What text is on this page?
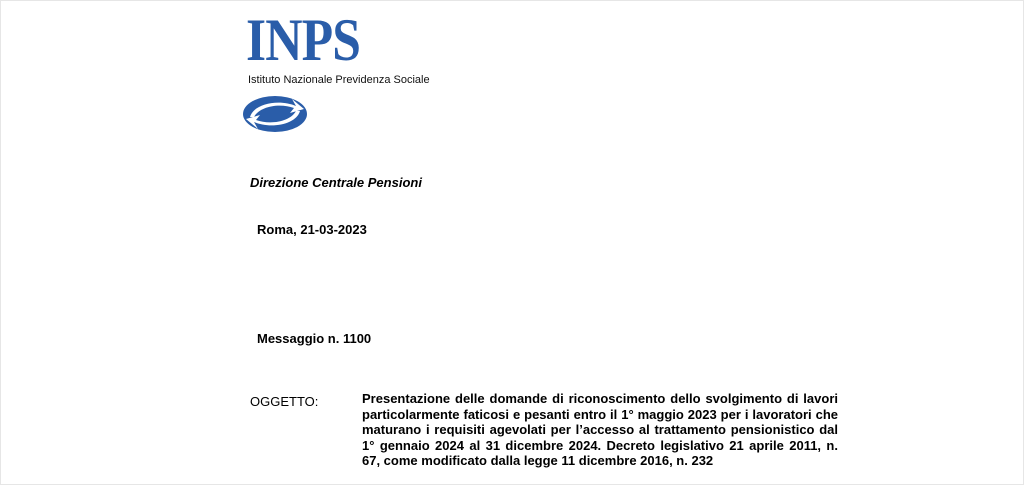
INPS
Istituto Nazionale Previdenza Sociale
Direzione Centrale Pensioni
Roma, 21-03-2023
Messaggio n. 1100
OGGETTO:	Presentazione delle domande di riconoscimento dello svolgimento di lavori particolarmente faticosi e pesanti entro il 1° maggio 2023 per i lavoratori che maturano i requisiti agevolati per l’accesso al trattamento pensionistico dal 1° gennaio 2024 al 31 dicembre 2024. Decreto legislativo 21 aprile 2011, n. 67, come modificato dalla legge 11 dicembre 2016, n. 232
